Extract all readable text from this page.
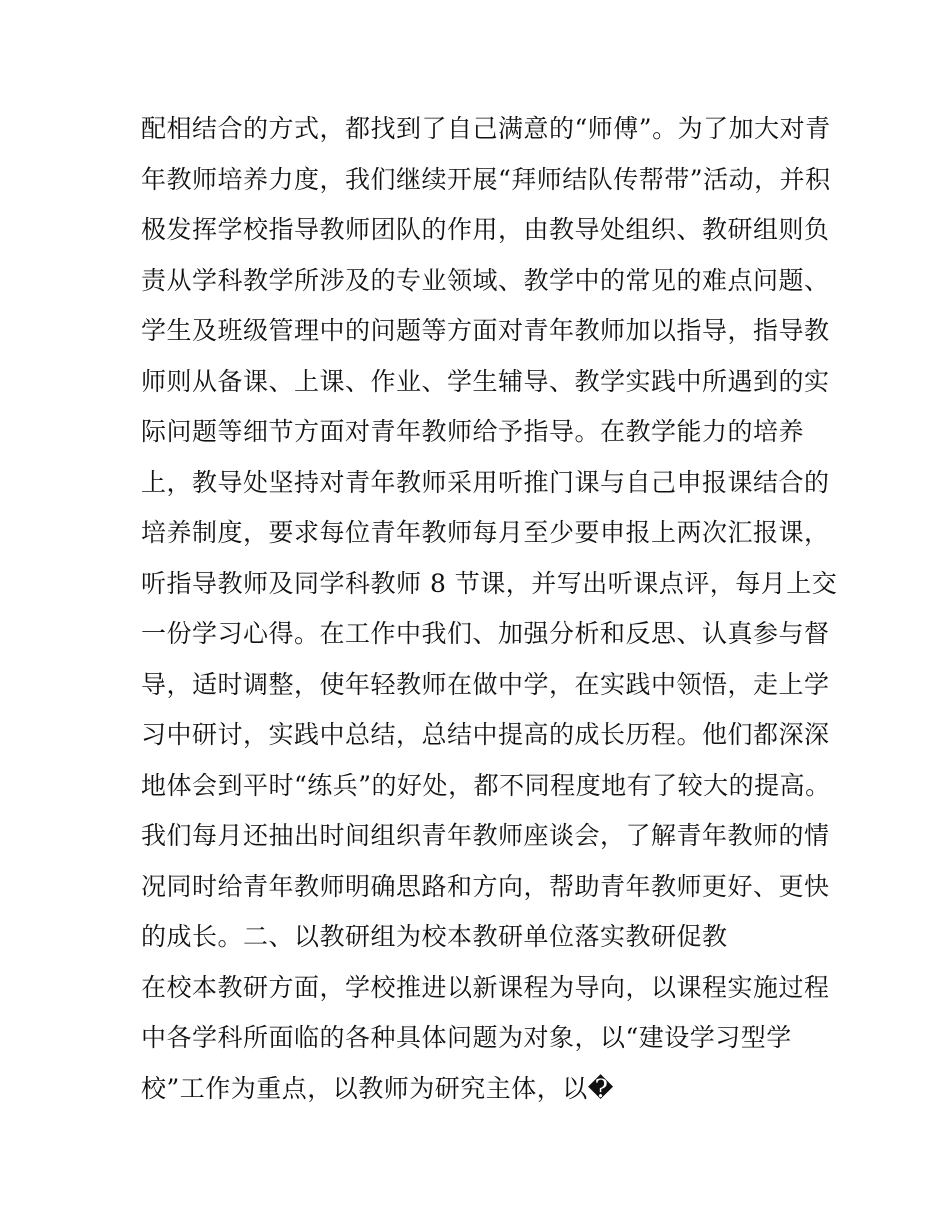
配相结合的方式，都找到了自己满意的“师傅”。为了加大对青
年教师培养力度，我们继续开展“拜师结队传帮带”活动，并积
极发挥学校指导教师团队的作用，由教导处组织、教研组则负
责从学科教学所涉及的专业领域、教学中的常见的难点问题、
学生及班级管理中的问题等方面对青年教师加以指导，指导教
师则从备课、上课、作业、学生辅导、教学实践中所遇到的实
际问题等细节方面对青年教师给予指导。在教学能力的培养
上，教导处坚持对青年教师采用听推门课与自己申报课结合的
培养制度，要求每位青年教师每月至少要申报上两次汇报课，
听指导教师及同学科教师 8 节课，并写出听课点评，每月上交
一份学习心得。在工作中我们、加强分析和反思、认真参与督
导，适时调整，使年轻教师在做中学，在实践中领悟，走上学
习中研讨，实践中总结，总结中提高的成长历程。他们都深深
地体会到平时“练兵”的好处，都不同程度地有了较大的提高。
我们每月还抽出时间组织青年教师座谈会，了解青年教师的情
况同时给青年教师明确思路和方向，帮助青年教师更好、更快
的成长。二、以教研组为校本教研单位落实教研促教
在校本教研方面，学校推进以新课程为导向，以课程实施过程
中各学科所面临的各种具体问题为对象，以“建设学习型学
校”工作为重点，以教师为研究主体，以�
